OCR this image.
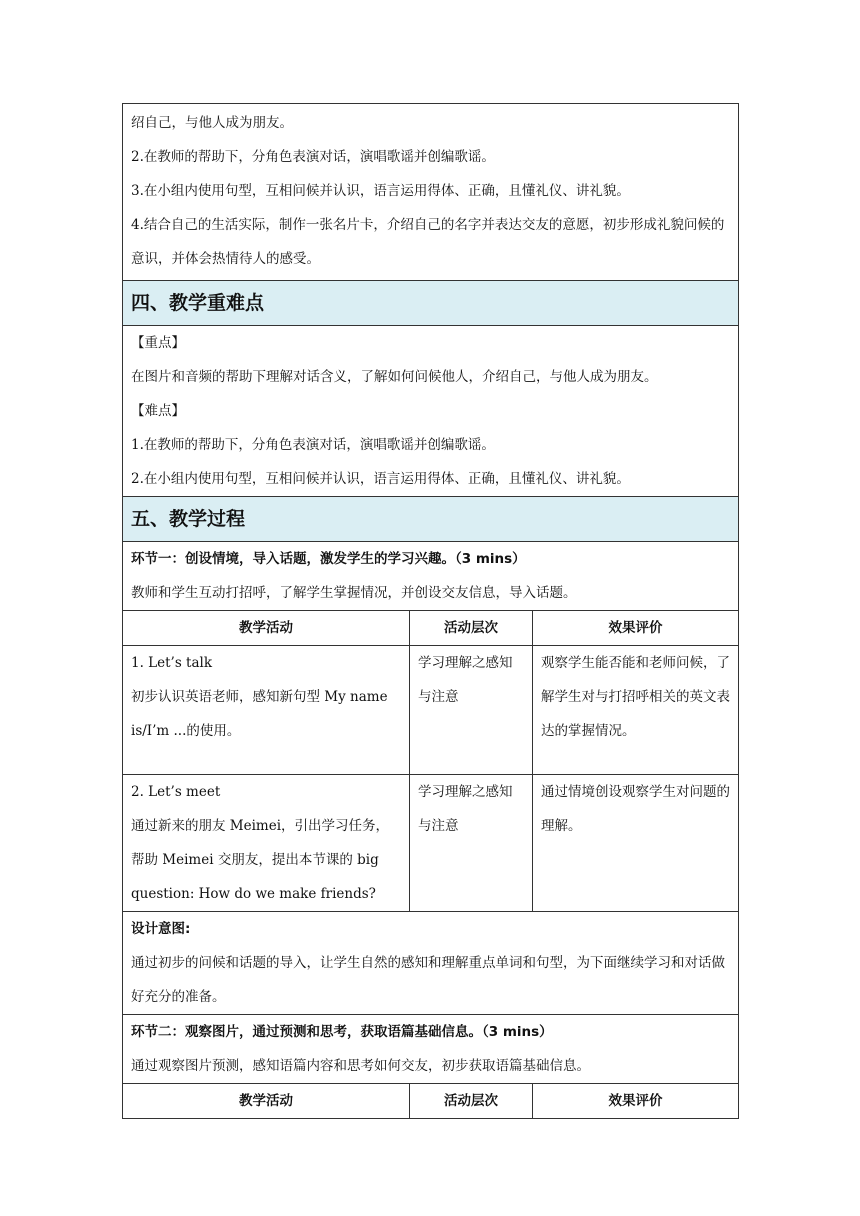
绍自己，与他人成为朋友。

2.在教师的帮助下，分角色表演对话，演唱歌谣并创编歌谣。

3.在小组内使用句型，互相问候并认识，语言运用得体、正确，且懂礼仪、讲礼貌。

4.结合自己的生活实际，制作一张名片卡，介绍自己的名字并表达交友的意愿，初步形成礼貌问候的意识，并体会热情待人的感受。		

四、教学重难点		

【重点】

在图片和音频的帮助下理解对话含义，了解如何问候他人，介绍自己，与他人成为朋友。

【难点】

1.在教师的帮助下，分角色表演对话，演唱歌谣并创编歌谣。

2.在小组内使用句型，互相问候并认识，语言运用得体、正确，且懂礼仪、讲礼貌。		

五、教学过程		

环节一：创设情境，导入话题，激发学生的学习兴趣。（3 mins）

教师和学生互动打招呼，了解学生掌握情况，并创设交友信息，导入话题。		

教学活动	活动层次	效果评价

1. Let’s talk

初步认识英语老师，感知新句型 My name is/I’m ...的使用。	学习理解之感知与注意	观察学生能否能和老师问候，了解学生对与打招呼相关的英文表达的掌握情况。

2. Let’s meet

通过新来的朋友 Meimei，引出学习任务，帮助 Meimei 交朋友，提出本节课的 big question: How do we make friends?	学习理解之感知与注意	通过情境创设观察学生对问题的理解。

设计意图:

通过初步的问候和话题的导入，让学生自然的感知和理解重点单词和句型，为下面继续学习和对话做好充分的准备。		

环节二：观察图片，通过预测和思考，获取语篇基础信息。（3 mins）

通过观察图片预测，感知语篇内容和思考如何交友，初步获取语篇基础信息。		

教学活动	活动层次	效果评价
